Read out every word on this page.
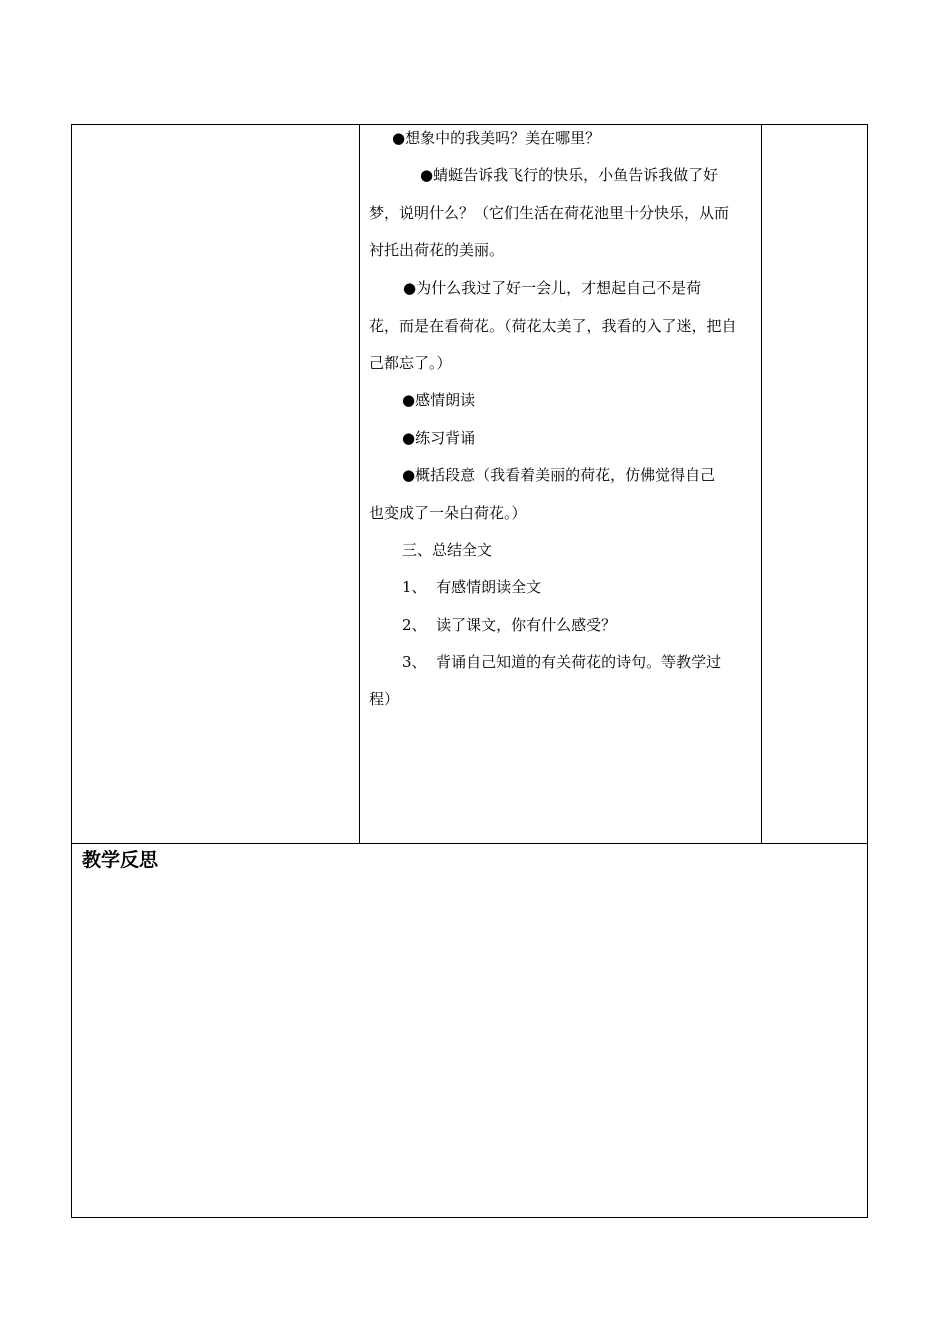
●想象中的我美吗？美在哪里？
●蜻蜓告诉我飞行的快乐，小鱼告诉我做了好
梦，说明什么？（它们生活在荷花池里十分快乐，从而
衬托出荷花的美丽。
●为什么我过了好一会儿，才想起自己不是荷
花，而是在看荷花。（荷花太美了，我看的入了迷，把自
己都忘了。）
●感情朗读
●练习背诵
●概括段意（我看着美丽的荷花，仿佛觉得自己
也变成了一朵白荷花。）
三、总结全文
1、  有感情朗读全文
2、  读了课文，你有什么感受？
3、  背诵自己知道的有关荷花的诗句。等教学过
程）
教学反思
